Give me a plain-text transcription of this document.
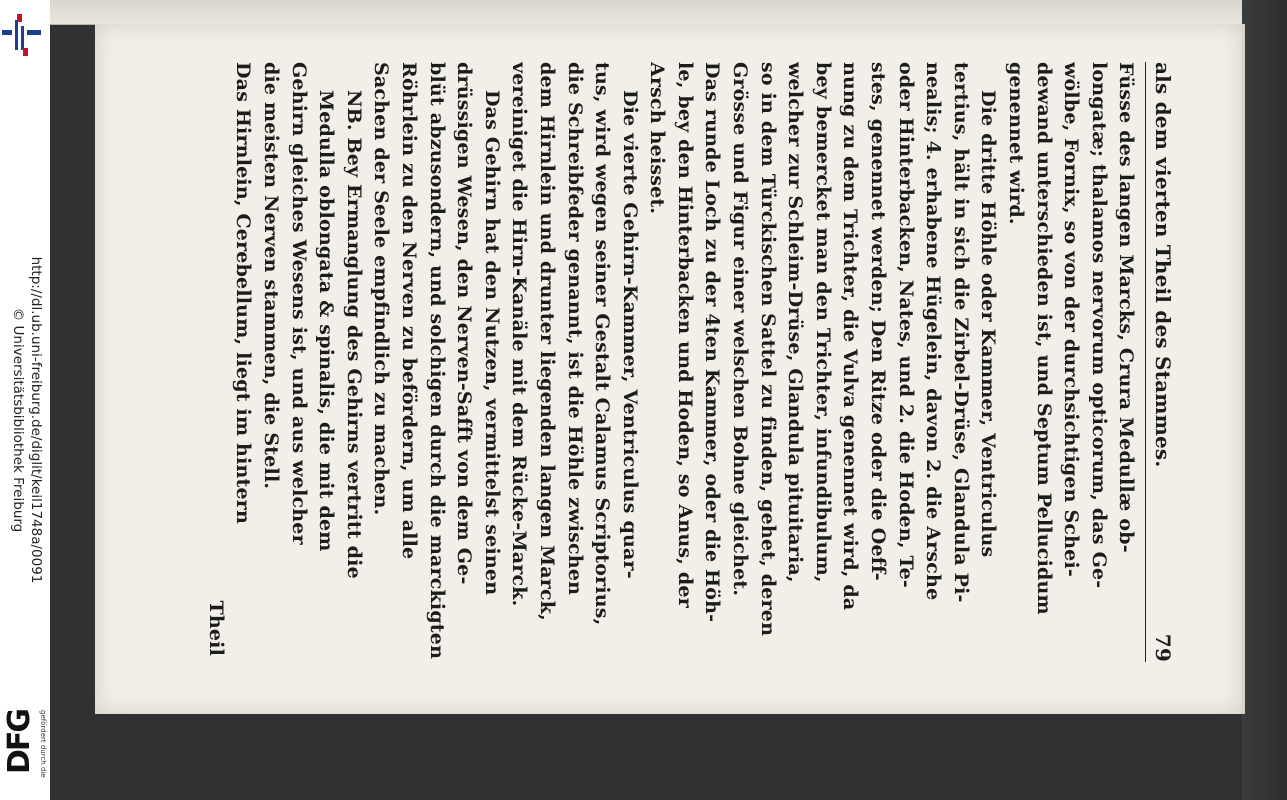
http://dl.ub.uni-freiburg.de/diglit/keil1748a/0091
© Universitätsbibliothek Freiburg
gefördert durch die
DFG
als dem vierten Theil des Stammes.
79
Füsse des langen Marcks, Crura Medullæ ob-
longatæ; thalamos nervorum opticorum, das Ge-
wölbe, Fornix, so von der durchsichtigen Schei-
dewand unterschieden ist, und Septum Pellucidum
genennet wird.
Die dritte Höhle oder Kammer, Ventriculus
tertius, hält in sich die Zirbel-Drüse, Glandula Pi-
nealis; 4. erhabene Hügelein, davon 2. die Arsche
oder Hinterbacken, Nates, und 2. die Hoden, Te-
stes, genennet werden; Den Ritze oder die Oeff-
nung zu dem Trichter, die Vulva genennet wird, da
bey bemercket man den Trichter, infundibulum,
welcher zur Schleim-Drüse, Glandula pituitaria,
so in dem Türckischen Sattel zu finden, gehet, deren
Grösse und Figur einer welschen Bohne gleichet.
Das runde Loch zu der 4ten Kammer, oder die Höh-
le, bey den Hinterbacken und Hoden, so Anus, der
Arsch heisset.
Die vierte Gehirn-Kammer, Ventriculus quar-
tus, wird wegen seiner Gestalt Calamus Scriptorius,
die Schreibfeder genannt, ist die Höhle zwischen
dem Hirnlein und drunter liegenden langen Marck,
vereiniget die Hirn-Kanäle mit dem Rücke-Marck.
Das Gehirn hat den Nutzen, vermittelst seinen
drüssigen Wesen, den Nerven-Safft von dem Ge-
blüt abzusondern, und solchigen durch die marckigten
Röhrlein zu den Nerven zu befördern, um alle
Sachen der Seele empfindlich zu machen.
NB. Bey Ermanglung des Gehirns vertritt die
Medulla oblongata & spinalis, die mit dem
Gehirn gleiches Wesens ist, und aus welcher
die meisten Nerven stammen, die Stell.
Das Hirnlein, Cerebellum, liegt im hintern
Theil
